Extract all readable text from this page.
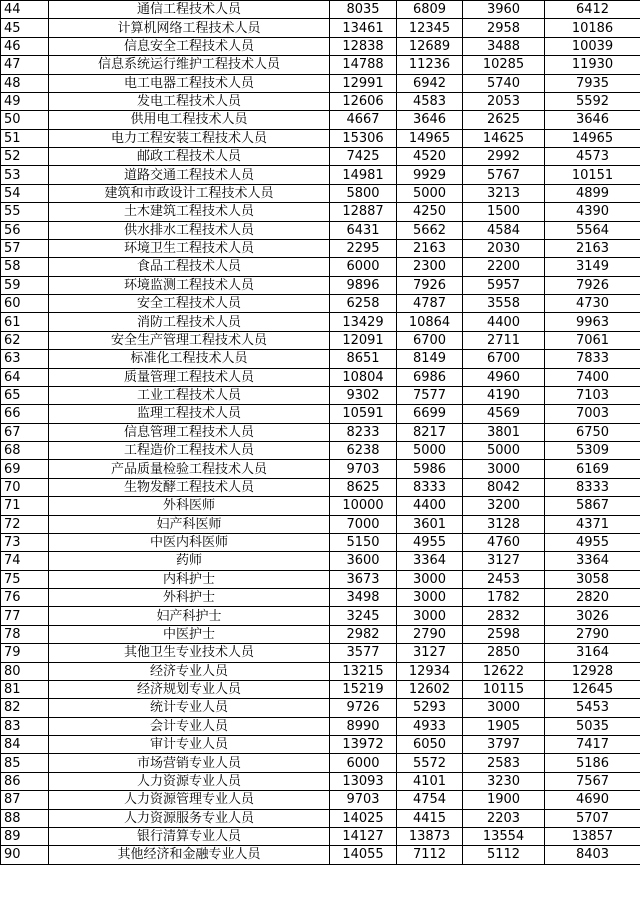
44	通信工程技术人员	8035	6809	3960	6412
45	计算机网络工程技术人员	13461	12345	2958	10186
46	信息安全工程技术人员	12838	12689	3488	10039
47	信息系统运行维护工程技术人员	14788	11236	10285	11930
48	电工电器工程技术人员	12991	6942	5740	7935
49	发电工程技术人员	12606	4583	2053	5592
50	供用电工程技术人员	4667	3646	2625	3646
51	电力工程安装工程技术人员	15306	14965	14625	14965
52	邮政工程技术人员	7425	4520	2992	4573
53	道路交通工程技术人员	14981	9929	5767	10151
54	建筑和市政设计工程技术人员	5800	5000	3213	4899
55	土木建筑工程技术人员	12887	4250	1500	4390
56	供水排水工程技术人员	6431	5662	4584	5564
57	环境卫生工程技术人员	2295	2163	2030	2163
58	食品工程技术人员	6000	2300	2200	3149
59	环境监测工程技术人员	9896	7926	5957	7926
60	安全工程技术人员	6258	4787	3558	4730
61	消防工程技术人员	13429	10864	4400	9963
62	安全生产管理工程技术人员	12091	6700	2711	7061
63	标准化工程技术人员	8651	8149	6700	7833
64	质量管理工程技术人员	10804	6986	4960	7400
65	工业工程技术人员	9302	7577	4190	7103
66	监理工程技术人员	10591	6699	4569	7003
67	信息管理工程技术人员	8233	8217	3801	6750
68	工程造价工程技术人员	6238	5000	5000	5309
69	产品质量检验工程技术人员	9703	5986	3000	6169
70	生物发酵工程技术人员	8625	8333	8042	8333
71	外科医师	10000	4400	3200	5867
72	妇产科医师	7000	3601	3128	4371
73	中医内科医师	5150	4955	4760	4955
74	药师	3600	3364	3127	3364
75	内科护士	3673	3000	2453	3058
76	外科护士	3498	3000	1782	2820
77	妇产科护士	3245	3000	2832	3026
78	中医护士	2982	2790	2598	2790
79	其他卫生专业技术人员	3577	3127	2850	3164
80	经济专业人员	13215	12934	12622	12928
81	经济规划专业人员	15219	12602	10115	12645
82	统计专业人员	9726	5293	3000	5453
83	会计专业人员	8990	4933	1905	5035
84	审计专业人员	13972	6050	3797	7417
85	市场营销专业人员	6000	5572	2583	5186
86	人力资源专业人员	13093	4101	3230	7567
87	人力资源管理专业人员	9703	4754	1900	4690
88	人力资源服务专业人员	14025	4415	2203	5707
89	银行清算专业人员	14127	13873	13554	13857
90	其他经济和金融专业人员	14055	7112	5112	8403
